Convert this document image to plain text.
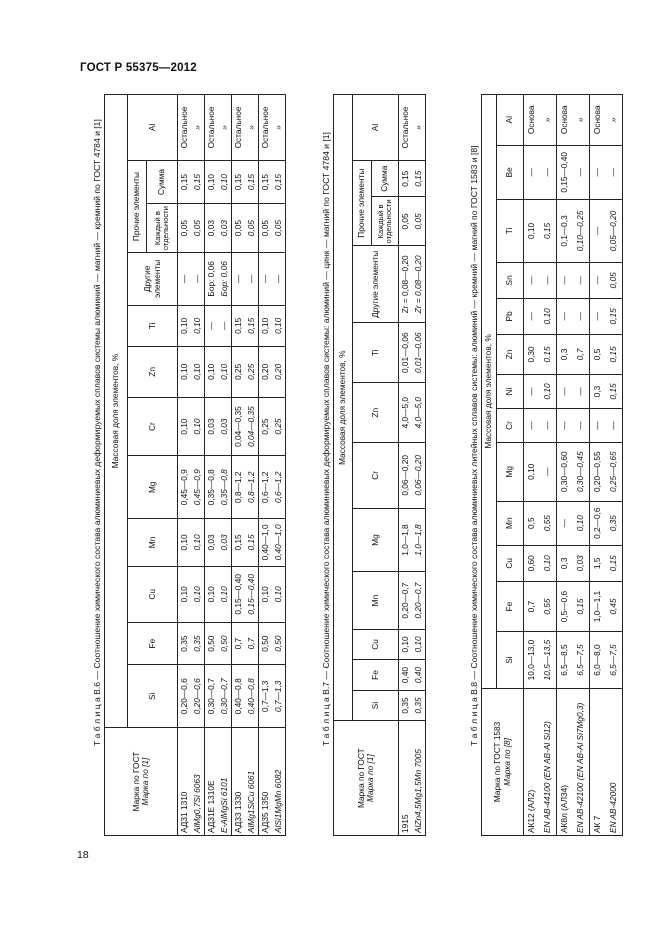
ГОСТ Р 55375—2012
18
Т а б л и ц а В.6 — Соотношение химического состава алюминиевых деформируемых сплавов системы алюминий — магний — кремний по ГОСТ 4784 и [1]
Марка по ГОСТ Марка по [1]	Массовая доля элементов, %											
	Si	Fe	Cu	Mn	Mg	Cr	Zn	Ti	Другие элементы	Прочие элементы		Al
										Каждый в отдельности	Сумма	
АД31 1310	0,20—0,6	0,35	0,10	0,10	0,45—0,9	0,10	0,10	0,10	—	0,05	0,15	Остальное
AlMg0,7Si 6063	0,20—0,6	0,35	0,10	0,10	0,45—0,9	0,10	0,10	0,10	—	0,05	0,15	»
АД31Е 1310Е	0,30—0,7	0,50	0,10	0,03	0,35—0,8	0,03	0,10	—	Бор: 0,06	0,03	0,10	Остальное
E-AlMgSi 6101	0,30—0,7	0,50	0,10	0,03	0,35—0,8	0,03	0,10	—	Бор: 0,06	0,03	0,10	»
АД33 1330	0,40—0,8	0,7	0,15—0,40	0,15	0,8—1,2	0,04—0,35	0,25	0,15	—	0,05	0,15	Остальное
AlMg1SiCu 6061	0,40—0,8	0,7	0,15—0,40	0,15	0,8—1,2	0,04—0,35	0,25	0,15	—	0,05	0,15	»
АД35 1350	0,7—1,3	0,50	0,10	0,40—1,0	0,6—1,2	0,25	0,20	0,10	—	0,05	0,15	Остальное
AlSi1MgMn 6082	0,7—1,3	0,50	0,10	0,40—1,0	0,6—1,2	0,25	0,20	0,10	—	0,05	0,15	»
Т а б л и ц а В.7 — Соотношение химического состава алюминиевых деформируемых сплавов системы: алюминий — цинк — магний по ГОСТ 4784 и [1]
Марка по ГОСТ Марка по [1]	Массовая доля элементов, %											
	Si	Fe	Cu	Mn	Mg	Cr	Zn	Ti	Другие элементы	Прочие элементы		Al
										Каждый в отдельности	Сумма	
1915	0,35	0,40	0,10	0,20—0,7	1,0—1,8	0,06—0,20	4,0—5,0	0,01—0,06	Zr = 0,08—0,20	0,05	0,15	Остальное
AlZn4,5Mg1,5Mn 7005	0,35	0,40	0,10	0,20—0,7	1,0—1,8	0,06—0,20	4,0—5,0	0,01—0,06	Zr = 0,08—0,20	0,05	0,15	»
Т а б л и ц а В.8 — Соотношение химического состава алюминиевых литейных сплавов системы: алюминий — кремний — магний по ГОСТ 1583 и [8]
Марка по ГОСТ 1583 Марка по [8]	Массовая доля элементов, %												
	Si	Fe	Cu	Mn	Mg	Cr	Ni	Zn	Pb	Sn	Ti	Be	Al
АК12 (АЛ2)	10,0—13,0	0,7	0,60	0,5	0,10	—	—	0,30	—	—	0,10	—	Основа
EN AB-44100 (EN AB-Al Si12)	10,5—13,5	0,55	0,10	0,55	—	—	0,10	0,15	0,10	—	0,15	—	»
АК8л (АЛ34)	6,5—8,5	0,5—0,6	0,3	—	0,30—0,60	—	—	0,3	—	—	0,1—0,3	0,15—0,40	Основа
EN AB-42100 (EN AB-Al Si7Mg0,3)	6,5—7,5	0,15	0,03	0,10	0,30—0,45	—	—	0,7	—	—	0,10—0,25	—	»
АК 7	6,0—8,0	1,0—1,1	1,5	0,2—0,6	0,20—0,55	—	0,3	0,5	—	—	—	—	Основа
EN AB-42000	6,5—7,5	0,45	0,15	0,35	0,25—0,65	—	0,15	0,15	0,15	0,05	0,05—0,20	—	»
